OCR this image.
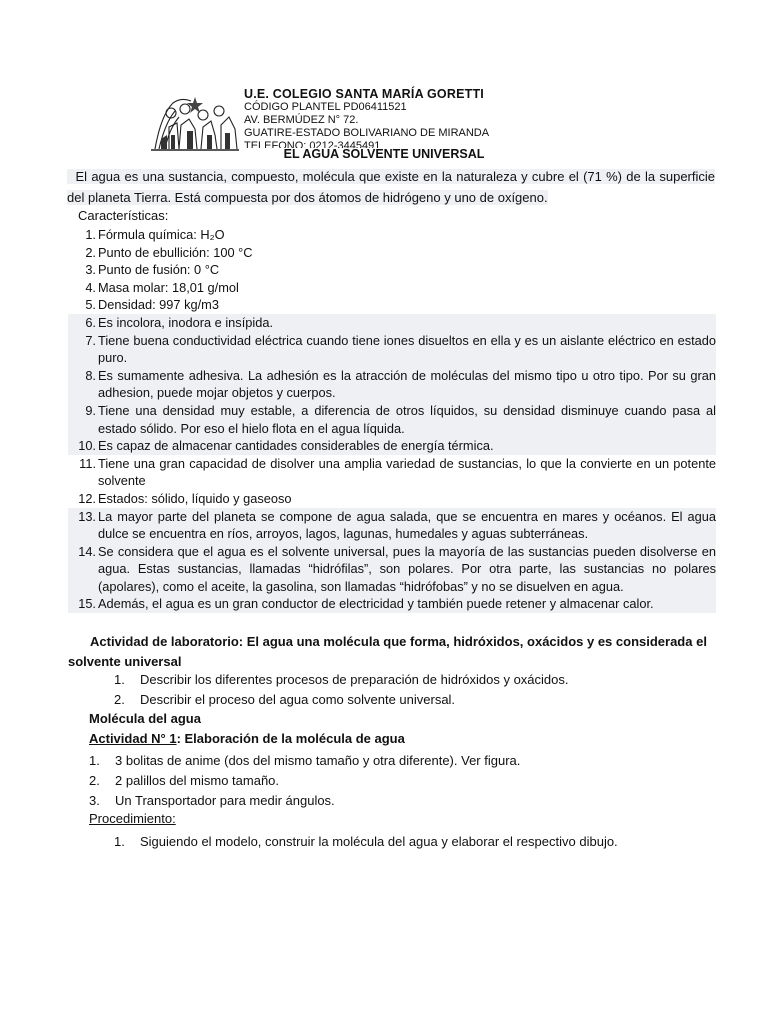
U.E. COLEGIO SANTA MARÍA GORETTI
CÓDIGO PLANTEL PD06411521
AV. BERMÚDEZ N° 72.
GUATIRE-ESTADO BOLIVARIANO DE MIRANDA
TELEFONO: 0212-3445491
EL AGUA SOLVENTE UNIVERSAL
El agua es una sustancia, compuesto, molécula que existe en la naturaleza y cubre el (71 %) de la superficie del planeta Tierra. Está compuesta por dos átomos de hidrógeno y uno de oxígeno.
Características:
1. Fórmula química: H₂O
2. Punto de ebullición: 100 °C
3. Punto de fusión: 0 °C
4. Masa molar: 18,01 g/mol
5. Densidad: 997 kg/m3
6. Es incolora, inodora e insípida.
7. Tiene buena conductividad eléctrica cuando tiene iones disueltos en ella y es un aislante eléctrico en estado puro.
8. Es sumamente adhesiva. La adhesión es la atracción de moléculas del mismo tipo u otro tipo. Por su gran adhesion, puede mojar objetos y cuerpos.
9. Tiene una densidad muy estable, a diferencia de otros líquidos, su densidad disminuye cuando pasa al estado sólido. Por eso el hielo flota en el agua líquida.
10. Es capaz de almacenar cantidades considerables de energía térmica.
11. Tiene una gran capacidad de disolver una amplia variedad de sustancias, lo que la convierte en un potente solvente
12. Estados: sólido, líquido y gaseoso
13. La mayor parte del planeta se compone de agua salada, que se encuentra en mares y océanos. El agua dulce se encuentra en ríos, arroyos, lagos, lagunas, humedales y aguas subterráneas.
14. Se considera que el agua es el solvente universal, pues la mayoría de las sustancias pueden disolverse en agua. Estas sustancias, llamadas “hidrófilas”, son polares. Por otra parte, las sustancias no polares (apolares), como el aceite, la gasolina, son llamadas “hidrófobas” y no se disuelven en agua.
15. Además, el agua es un gran conductor de electricidad y también puede retener y almacenar calor.
Actividad de laboratorio: El agua una molécula que forma, hidróxidos, oxácidos y es considerada el solvente universal
1. Describir los diferentes procesos de preparación de hidróxidos y oxácidos.
2. Describir el proceso del agua como solvente universal.
Molécula del agua
Actividad N° 1: Elaboración de la molécula de agua
1. 3 bolitas de anime (dos del mismo tamaño y otra diferente). Ver figura.
2. 2 palillos del mismo tamaño.
3. Un Transportador para medir ángulos.
Procedimiento:
1. Siguiendo el modelo, construir la molécula del agua y elaborar el respectivo dibujo.
